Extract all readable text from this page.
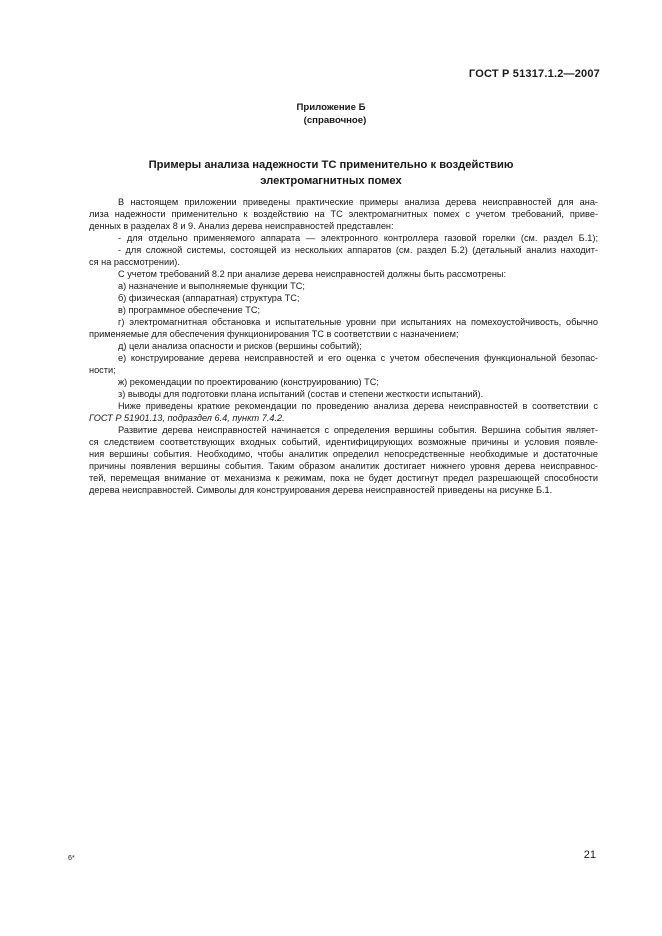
ГОСТ Р 51317.1.2—2007
Приложение Б
(справочное)
Примеры анализа надежности ТС применительно к воздействию
электромагнитных помех
В настоящем приложении приведены практические примеры анализа дерева неисправностей для ана-
лиза надежности применительно к воздействию на ТС электромагнитных помех с учетом требований, приве-
денных в разделах 8 и 9. Анализ дерева неисправностей представлен:
- для отдельно применяемого аппарата — электронного контроллера газовой горелки (см. раздел Б.1);
- для сложной системы, состоящей из нескольких аппаратов (см. раздел Б.2) (детальный анализ находит-
ся на рассмотрении).
С учетом требований 8.2 при анализе дерева неисправностей должны быть рассмотрены:
а) назначение и выполняемые функции ТС;
б) физическая (аппаратная) структура ТС;
в) программное обеспечение ТС;
г) электромагнитная обстановка и испытательные уровни при испытаниях на помехоустойчивость, обычно
применяемые для обеспечения функционирования ТС в соответствии с назначением;
д) цели анализа опасности и рисков (вершины событий);
е) конструирование дерева неисправностей и его оценка с учетом обеспечения функциональной безопас-
ности;
ж) рекомендации по проектированию (конструированию) ТС;
з) выводы для подготовки плана испытаний (состав и степени жесткости испытаний).
Ниже приведены краткие рекомендации по проведению анализа дерева неисправностей в соответствии с
ГОСТ Р 51901.13, подраздел 6.4, пункт 7.4.2.
Развитие дерева неисправностей начинается с определения вершины события. Вершина события являет-
ся следствием соответствующих входных событий, идентифицирующих возможные причины и условия появле-
ния вершины события. Необходимо, чтобы аналитик определил непосредственные необходимые и достаточные
причины появления вершины события. Таким образом аналитик достигает нижнего уровня дерева неисправнос-
тей, перемещая внимание от механизма к режимам, пока не будет достигнут предел разрешающей способности
дерева неисправностей. Символы для конструирования дерева неисправностей приведены на рисунке Б.1.
6*	21
